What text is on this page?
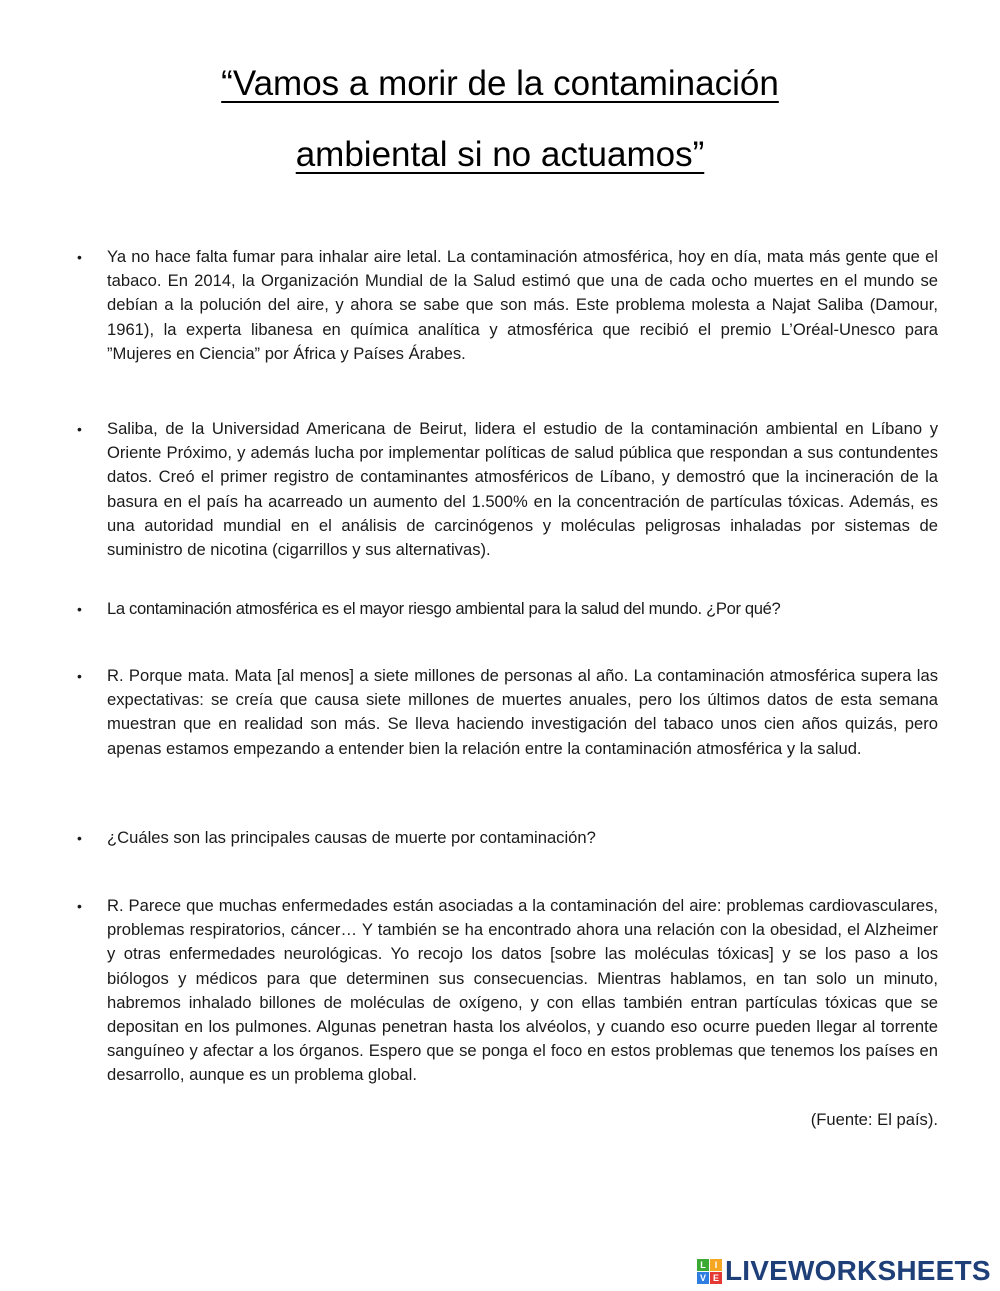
“Vamos a morir de la contaminación
ambiental si no actuamos”
• Ya no hace falta fumar para inhalar aire letal. La contaminación atmosférica, hoy en día, mata más gente que el tabaco. En 2014, la Organización Mundial de la Salud estimó que una de cada ocho muertes en el mundo se debían a la polución del aire, y ahora se sabe que son más. Este problema molesta a Najat Saliba (Damour, 1961), la experta libanesa en química analítica y atmosférica que recibió el premio L’Oréal-Unesco para ”Mujeres en Ciencia” por África y Países Árabes.
• Saliba, de la Universidad Americana de Beirut, lidera el estudio de la contaminación ambiental en Líbano y Oriente Próximo, y además lucha por implementar políticas de salud pública que respondan a sus contundentes datos. Creó el primer registro de contaminantes atmosféricos de Líbano, y demostró que la incineración de la basura en el país ha acarreado un aumento del 1.500% en la concentración de partículas tóxicas. Además, es una autoridad mundial en el análisis de carcinógenos y moléculas peligrosas inhaladas por sistemas de suministro de nicotina (cigarrillos y sus alternativas).
• La contaminación atmosférica es el mayor riesgo ambiental para la salud del mundo. ¿Por qué?
• R. Porque mata. Mata [al menos] a siete millones de personas al año. La contaminación atmosférica supera las expectativas: se creía que causa siete millones de muertes anuales, pero los últimos datos de esta semana muestran que en realidad son más. Se lleva haciendo investigación del tabaco unos cien años quizás, pero apenas estamos empezando a entender bien la relación entre la contaminación atmosférica y la salud.
• ¿Cuáles son las principales causas de muerte por contaminación?
• R. Parece que muchas enfermedades están asociadas a la contaminación del aire: problemas cardiovasculares, problemas respiratorios, cáncer… Y también se ha encontrado ahora una relación con la obesidad, el Alzheimer y otras enfermedades neurológicas. Yo recojo los datos [sobre las moléculas tóxicas] y se los paso a los biólogos y médicos para que determinen sus consecuencias. Mientras hablamos, en tan solo un minuto, habremos inhalado billones de moléculas de oxígeno, y con ellas también entran partículas tóxicas que se depositan en los pulmones. Algunas penetran hasta los alvéolos, y cuando eso ocurre pueden llegar al torrente sanguíneo y afectar a los órganos. Espero que se ponga el foco en estos problemas que tenemos los países en desarrollo, aunque es un problema global.
(Fuente: El país).
L I
V E LIVEWORKSHEETS
